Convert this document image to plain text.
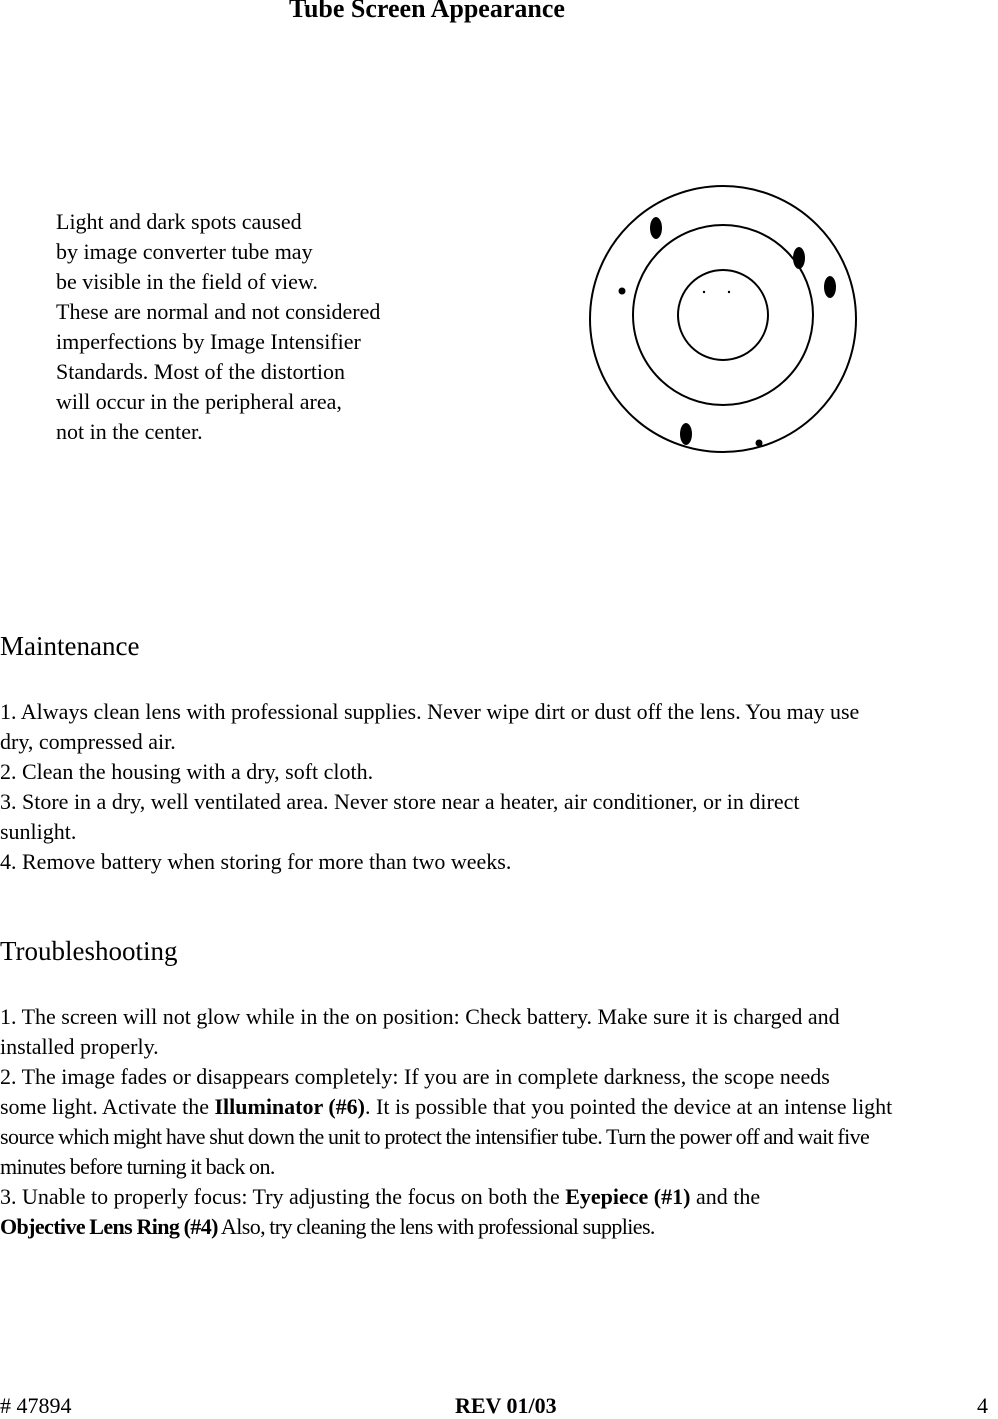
Tube Screen Appearance
Light and dark spots caused
by image converter tube may
be visible in the field of view.
These are normal and not considered
imperfections by Image Intensifier
Standards. Most of the distortion
will occur in the peripheral area,
not in the center.
Maintenance
1. Always clean lens with professional supplies. Never wipe dirt or dust off the lens. You may use
dry, compressed air.
2. Clean the housing with a dry, soft cloth.
3. Store in a dry, well ventilated area. Never store near a heater, air conditioner, or in direct
sunlight.
4. Remove battery when storing for more than two weeks.
Troubleshooting
1. The screen will not glow while in the on position: Check battery. Make sure it is charged and
installed properly.
2. The image fades or disappears completely: If you are in complete darkness, the scope needs
some light. Activate the Illuminator (#6). It is possible that you pointed the device at an intense light
source which might have shut down the unit to protect the intensifier tube. Turn the power off and wait five
minutes before turning it back on.
3. Unable to properly focus: Try adjusting the focus on both the Eyepiece (#1) and the
Objective Lens Ring (#4) Also, try cleaning the lens with professional supplies.
# 47894	REV 01/03	4
